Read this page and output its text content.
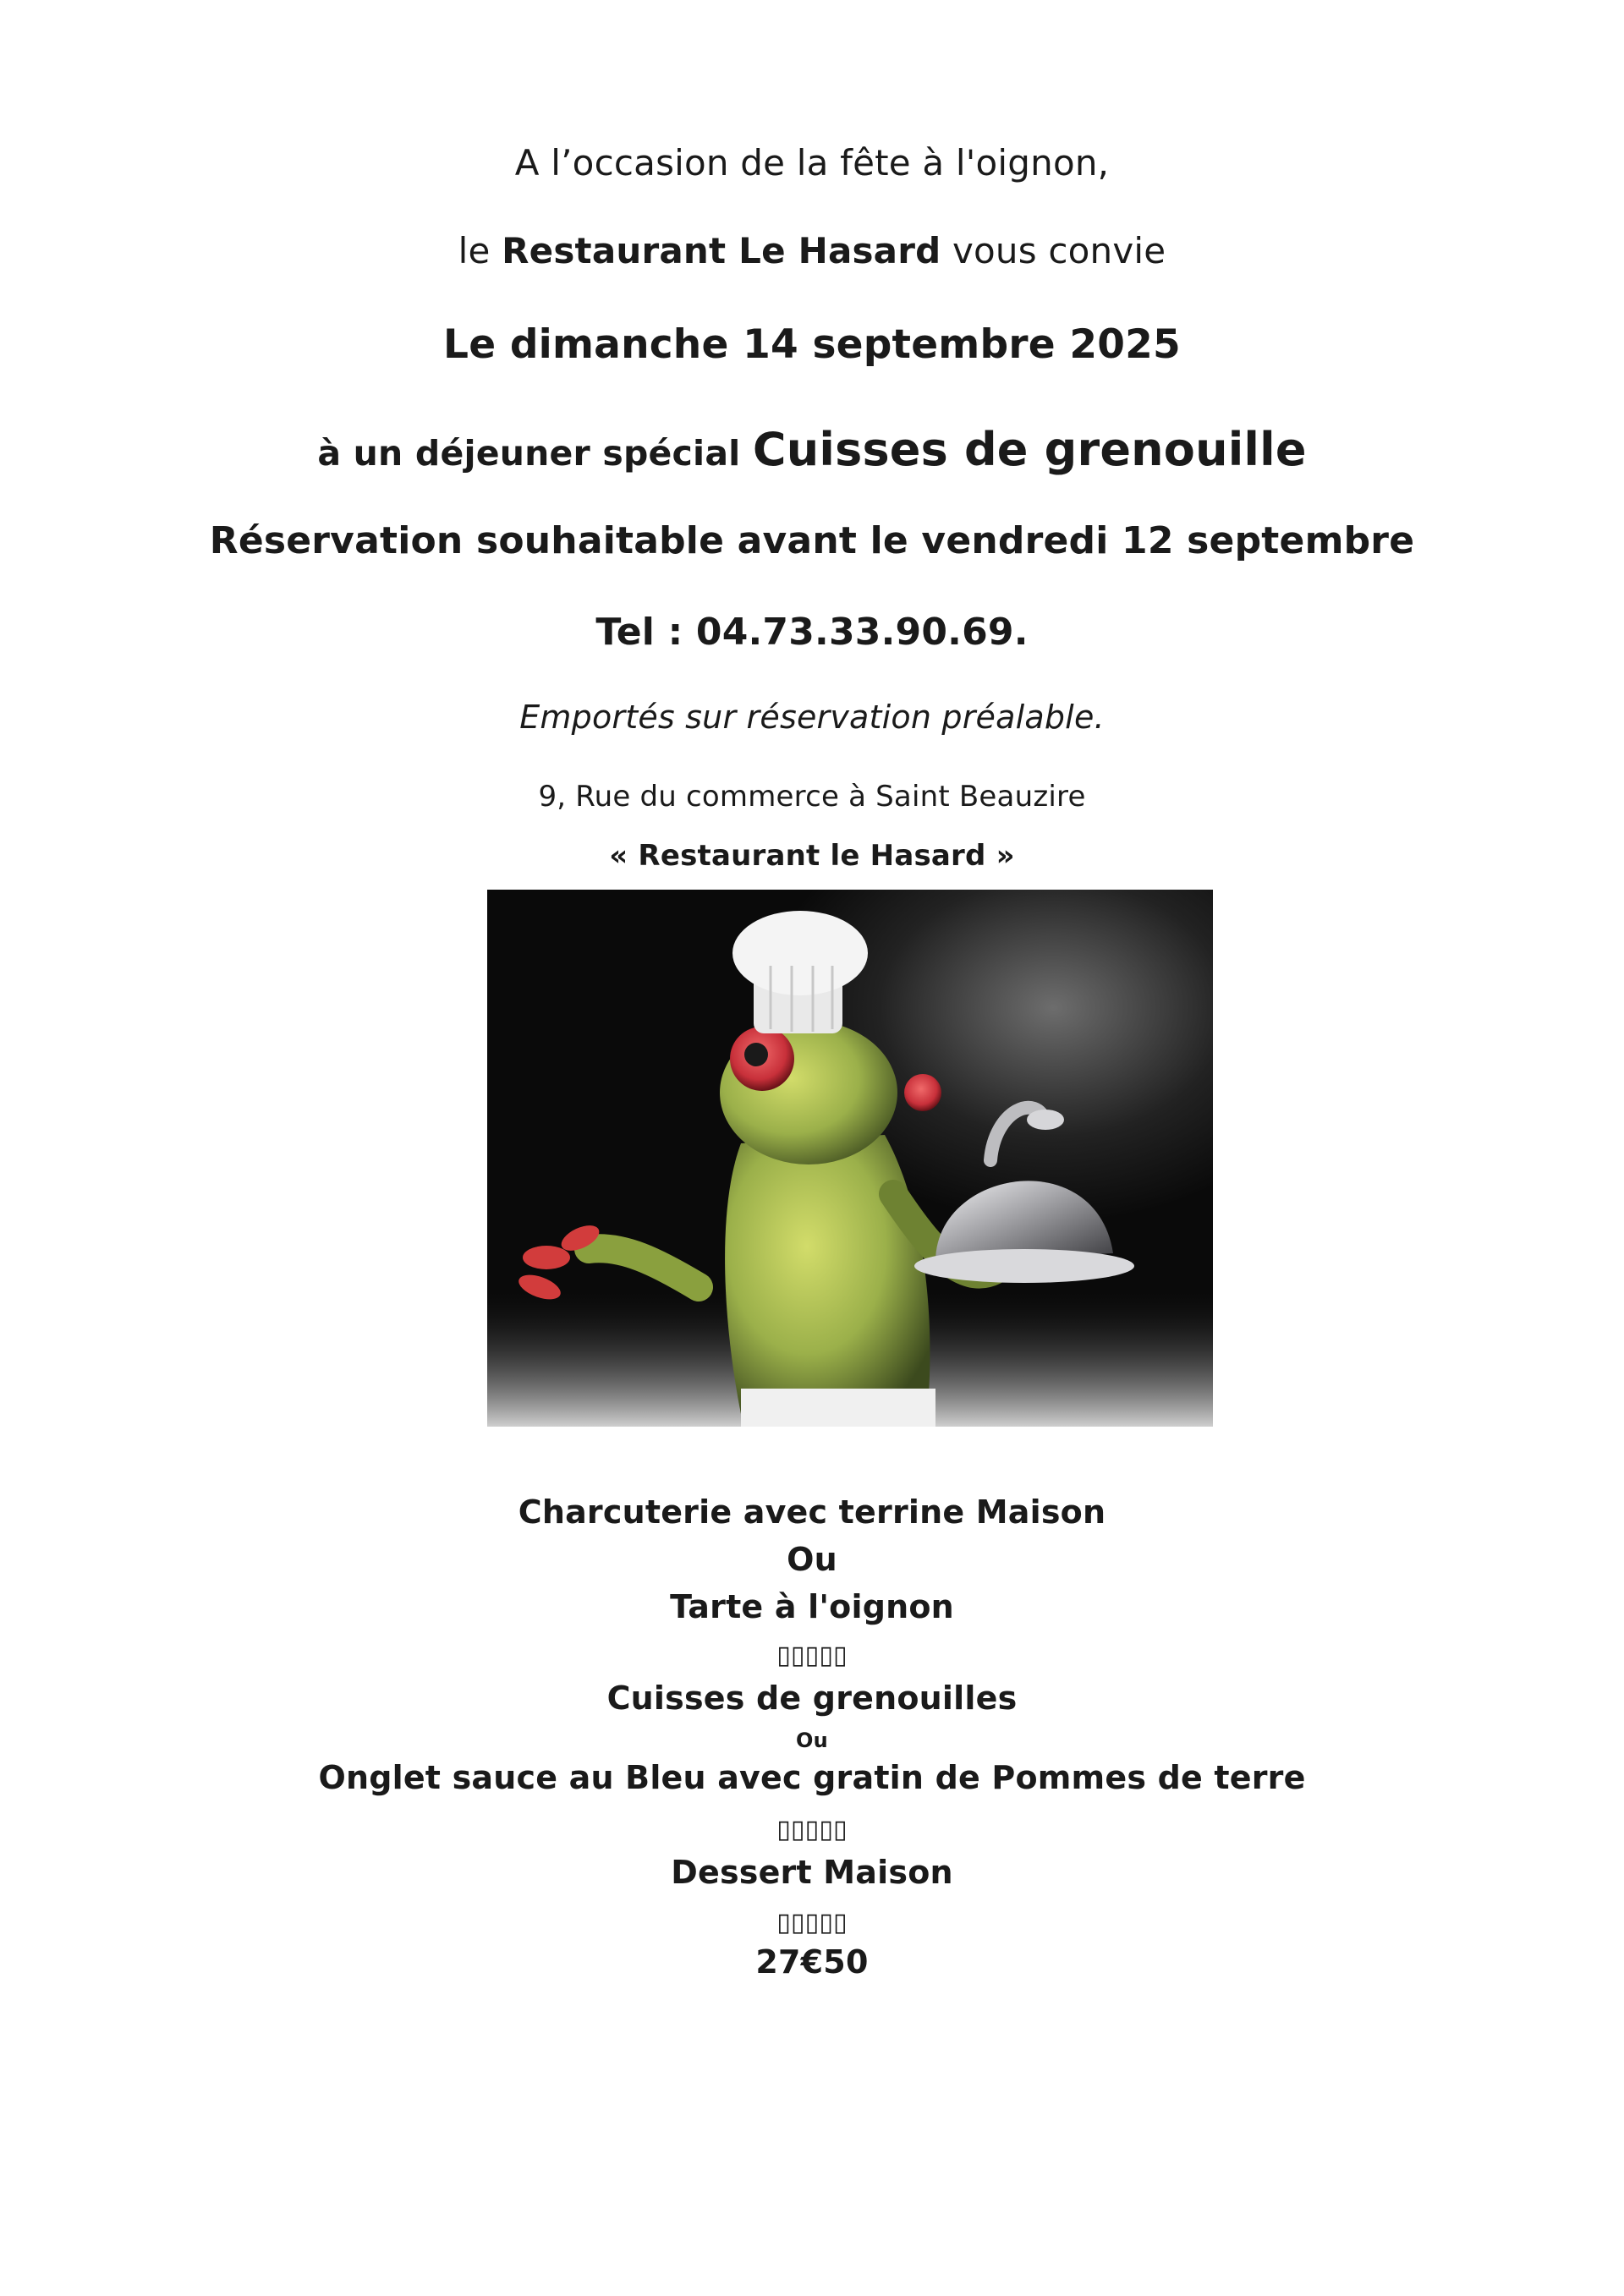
A l’occasion de la fête à l'oignon,
le Restaurant Le Hasard vous convie
Le dimanche 14 septembre 2025
à un déjeuner spécial Cuisses de grenouille
Réservation souhaitable avant le vendredi 12 septembre
Tel : 04.73.33.90.69.
Emportés sur réservation préalable.
9, Rue du commerce à Saint Beauzire
« Restaurant le Hasard »
Charcuterie avec terrine Maison
Ou
Tarte à l'oignon
▯▯▯▯▯
Cuisses de grenouilles
Ou
Onglet sauce au Bleu avec gratin de Pommes de terre
▯▯▯▯▯
Dessert Maison
▯▯▯▯▯
27€50
